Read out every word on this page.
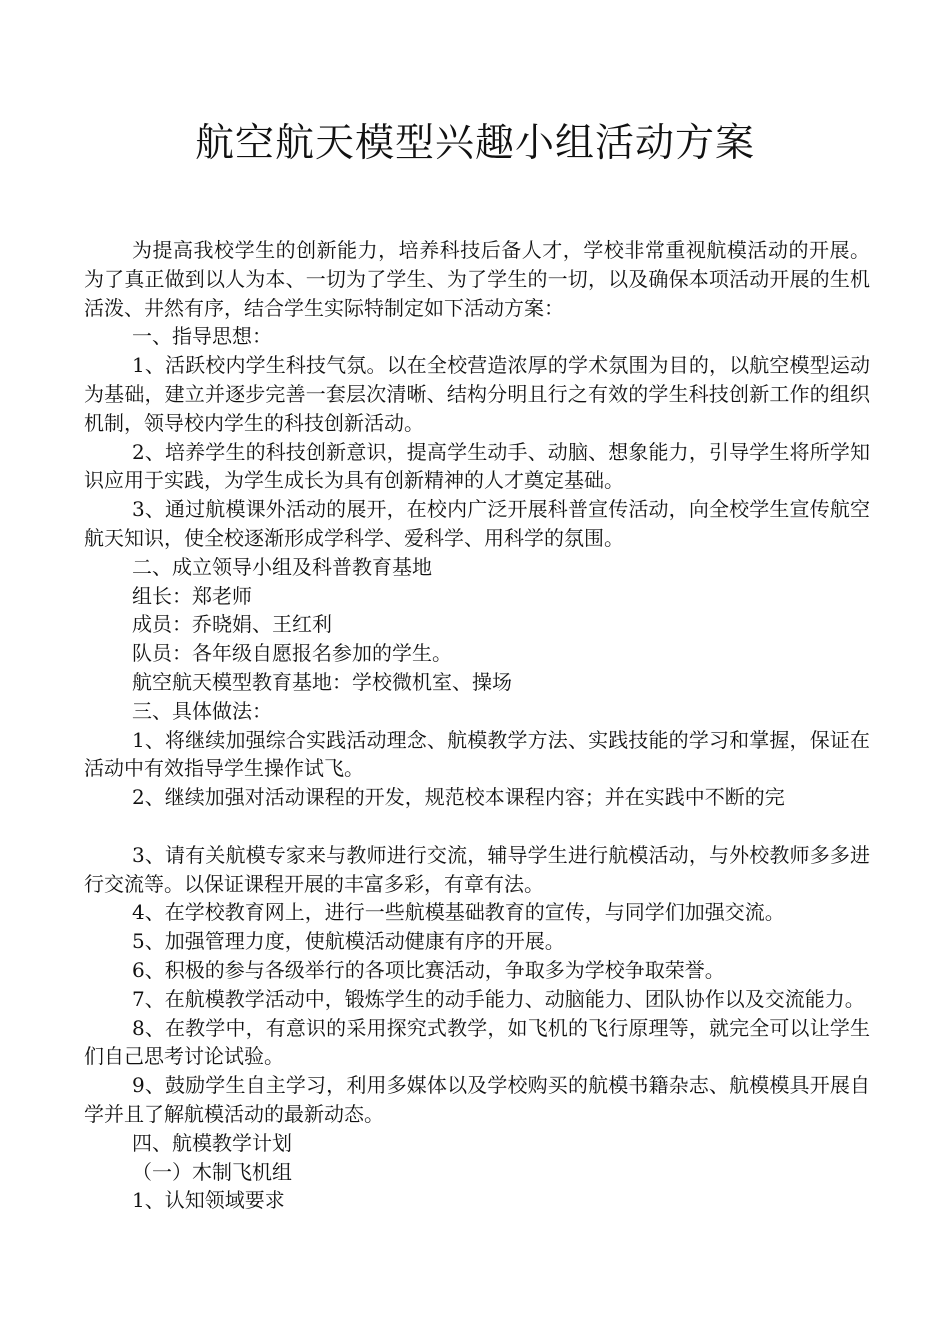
航空航天模型兴趣小组活动方案

为提高我校学生的创新能力，培养科技后备人才，学校非常重视航模活动的开展。为了真正做到以人为本、一切为了学生、为了学生的一切，以及确保本项活动开展的生机活泼、井然有序，结合学生实际特制定如下活动方案：

一、指导思想：

1、活跃校内学生科技气氛。以在全校营造浓厚的学术氛围为目的，以航空模型运动为基础，建立并逐步完善一套层次清晰、结构分明且行之有效的学生科技创新工作的组织机制，领导校内学生的科技创新活动。

2、培养学生的科技创新意识，提高学生动手、动脑、想象能力，引导学生将所学知识应用于实践，为学生成长为具有创新精神的人才奠定基础。

3、通过航模课外活动的展开，在校内广泛开展科普宣传活动，向全校学生宣传航空航天知识，使全校逐渐形成学科学、爱科学、用科学的氛围。

二、成立领导小组及科普教育基地

组长：郑老师

成员：乔晓娟、王红利

队员：各年级自愿报名参加的学生。

航空航天模型教育基地：学校微机室、操场

三、具体做法：

1、将继续加强综合实践活动理念、航模教学方法、实践技能的学习和掌握，保证在活动中有效指导学生操作试飞。

2、继续加强对活动课程的开发，规范校本课程内容；并在实践中不断的完

3、请有关航模专家来与教师进行交流，辅导学生进行航模活动，与外校教师多多进行交流等。以保证课程开展的丰富多彩，有章有法。

4、在学校教育网上，进行一些航模基础教育的宣传，与同学们加强交流。

5、加强管理力度，使航模活动健康有序的开展。

6、积极的参与各级举行的各项比赛活动，争取多为学校争取荣誉。

7、在航模教学活动中，锻炼学生的动手能力、动脑能力、团队协作以及交流能力。

8、在教学中，有意识的采用探究式教学，如飞机的飞行原理等，就完全可以让学生们自己思考讨论试验。

9、鼓励学生自主学习，利用多媒体以及学校购买的航模书籍杂志、航模模具开展自学并且了解航模活动的最新动态。

四、航模教学计划

（一）木制飞机组

1、认知领域要求
